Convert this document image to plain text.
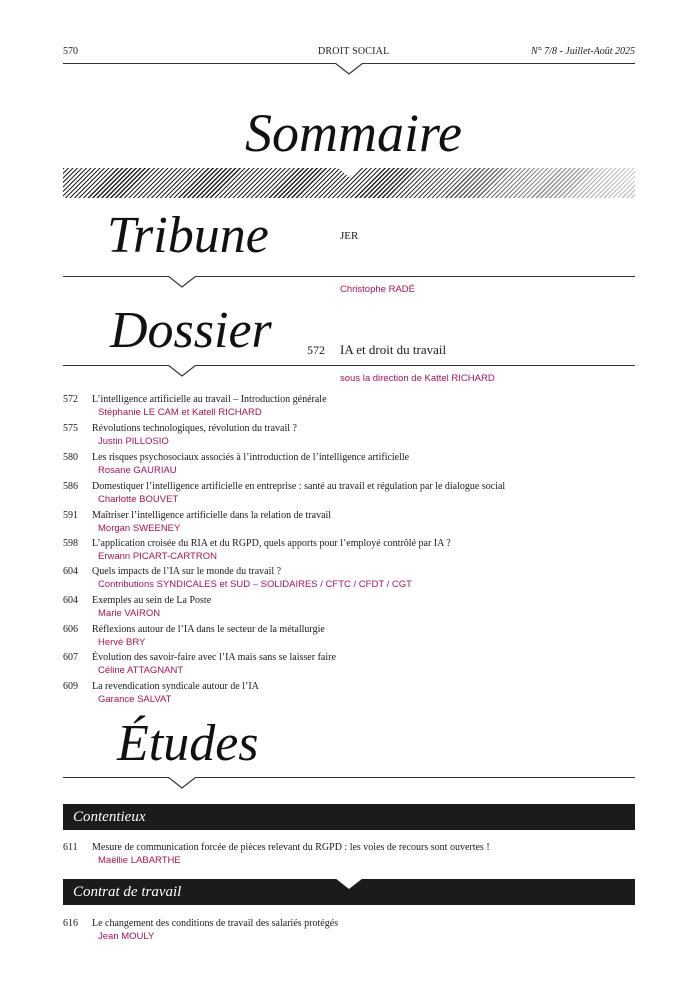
570	DROIT SOCIAL	N° 7/8 - Juillet-Août 2025
Sommaire
Tribune	JER
Christophe RADÉ
Dossier	572 IA et droit du travail
sous la direction de Kattel RICHARD
572	L’intelligence artificielle au travail – Introduction générale
Stéphanie LE CAM et Katell RICHARD
575	Révolutions technologiques, révolution du travail ?
Justin PILLOSIO
580	Les risques psychosociaux associés à l’introduction de l’intelligence artificielle
Rosane GAURIAU
586	Domestiquer l’intelligence artificielle en entreprise : santé au travail et régulation par le dialogue social
Charlotte BOUVET
591	Maîtriser l’intelligence artificielle dans la relation de travail
Morgan SWEENEY
598	L’application croisée du RIA et du RGPD, quels apports pour l’employé contrôlé par IA ?
Erwann PICART-CARTRON
604	Quels impacts de l’IA sur le monde du travail ?
Contributions SYNDICALES et SUD – SOLIDAIRES / CFTC / CFDT / CGT
604	Exemples au sein de La Poste
Marie VAIRON
606	Réflexions autour de l’IA dans le secteur de la métallurgie
Hervé BRY
607	Évolution des savoir-faire avec l’IA mais sans se laisser faire
Céline ATTAGNANT
609	La revendication syndicale autour de l’IA
Garance SALVAT
Études
Contentieux
611	Mesure de communication forcée de pièces relevant du RGPD : les voies de recours sont ouvertes !
Maëllie LABARTHE
Contrat de travail
616	Le changement des conditions de travail des salariés protégés
Jean MOULY
